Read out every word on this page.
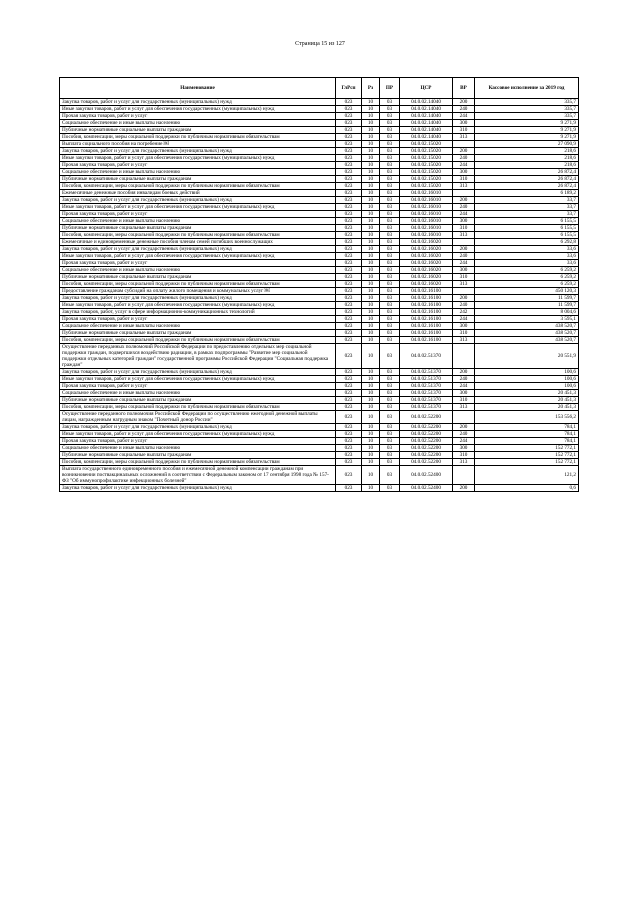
Страница 15 из 127
Наименование	ГлРсп	Рз	ПР	ЦСР	ВР	Кассовое исполнение за 2019 год
Закупка товаров, работ и услуг для государственных (муниципальных) нужд	023	10	03	04.0.02.14040	200	335,7
Иные закупки товаров, работ и услуг для обеспечения государственных (муниципальных) нужд	023	10	03	04.0.02.14040	240	335,7
Прочая закупка товаров, работ и услуг	023	10	03	04.0.02.14040	244	335,7
Социальное обеспечение и иные выплаты населению	023	10	03	04.0.02.14040	300	9 271,9
Публичные нормативные социальные выплаты гражданам	023	10	03	04.0.02.14040	310	9 271,9
Пособия, компенсации, меры социальной поддержки по публичным нормативным обязательствам	023	10	03	04.0.02.14040	313	9 271,9
Выплата социального пособия на погребение ￼	023	10	03	04.0.02.15020		27 090,9
Закупка товаров, работ и услуг для государственных (муниципальных) нужд	023	10	03	04.0.02.15020	200	218,6
Иные закупки товаров, работ и услуг для обеспечения государственных (муниципальных) нужд	023	10	03	04.0.02.15020	240	218,6
Прочая закупка товаров, работ и услуг	023	10	03	04.0.02.15020	244	218,6
Социальное обеспечение и иные выплаты населению	023	10	03	04.0.02.15020	300	26 872,4
Публичные нормативные социальные выплаты гражданам	023	10	03	04.0.02.15020	310	26 872,4
Пособия, компенсации, меры социальной поддержки по публичным нормативным обязательствам	023	10	03	04.0.02.15020	313	26 872,4
Ежемесячные денежные пособия инвалидам боевых действий	023	10	03	04.0.02.16010		6 189,2
Закупка товаров, работ и услуг для государственных (муниципальных) нужд	023	10	03	04.0.02.16010	200	33,7
Иные закупки товаров, работ и услуг для обеспечения государственных (муниципальных) нужд	023	10	03	04.0.02.16010	240	33,7
Прочая закупка товаров, работ и услуг	023	10	03	04.0.02.16010	244	33,7
Социальное обеспечение и иные выплаты населению	023	10	03	04.0.02.16010	300	6 155,5
Публичные нормативные социальные выплаты гражданам	023	10	03	04.0.02.16010	310	6 155,5
Пособия, компенсации, меры социальной поддержки по публичным нормативным обязательствам	023	10	03	04.0.02.16010	313	6 155,5
Ежемесячные и единовременные денежные пособия членам семей погибших военнослужащих	023	10	03	04.0.02.16020		6 292,8
Закупка товаров, работ и услуг для государственных (муниципальных) нужд	023	10	03	04.0.02.16020	200	33,6
Иные закупки товаров, работ и услуг для обеспечения государственных (муниципальных) нужд	023	10	03	04.0.02.16020	240	33,6
Прочая закупка товаров, работ и услуг	023	10	03	04.0.02.16020	244	33,6
Социальное обеспечение и иные выплаты населению	023	10	03	04.0.02.16020	300	6 259,2
Публичные нормативные социальные выплаты гражданам	023	10	03	04.0.02.16020	310	6 259,2
Пособия, компенсации, меры социальной поддержки по публичным нормативным обязательствам	023	10	03	04.0.02.16020	313	6 259,2
Предоставление гражданам субсидий на оплату жилого помещения и коммунальных услуг ￼	023	10	03	04.0.02.16100		450 120,3
Закупка товаров, работ и услуг для государственных (муниципальных) нужд	023	10	03	04.0.02.16100	200	11 599,7
Иные закупки товаров, работ и услуг для обеспечения государственных (муниципальных) нужд	023	10	03	04.0.02.16100	240	11 599,7
Закупка товаров, работ, услуг в сфере информационно-коммуникационных технологий	023	10	03	04.0.02.16100	242	8 004,6
Прочая закупка товаров, работ и услуг	023	10	03	04.0.02.16100	244	3 595,1
Социальное обеспечение и иные выплаты населению	023	10	03	04.0.02.16100	300	438 520,7
Публичные нормативные социальные выплаты гражданам	023	10	03	04.0.02.16100	310	438 520,7
Пособия, компенсации, меры социальной поддержки по публичным нормативным обязательствам	023	10	03	04.0.02.16100	313	438 520,7
Осуществление переданных полномочий Российской Федерации по предоставлению отдельных мер социальной поддержки граждан, подвергшихся воздействию радиации, в рамках подпрограммы "Развитие мер социальной поддержки отдельных категорий граждан" государственной программы Российской Федерации "Социальная поддержка граждан"	023	10	03	04.0.02.51370		20 551,9
Закупка товаров, работ и услуг для государственных (муниципальных) нужд	023	10	03	04.0.02.51370	200	100,6
Иные закупки товаров, работ и услуг для обеспечения государственных (муниципальных) нужд	023	10	03	04.0.02.51370	240	100,6
Прочая закупка товаров, работ и услуг	023	10	03	04.0.02.51370	244	100,6
Социальное обеспечение и иные выплаты населению	023	10	03	04.0.02.51370	300	20 451,3
Публичные нормативные социальные выплаты гражданам	023	10	03	04.0.02.51370	310	20 451,3
Пособия, компенсации, меры социальной поддержки по публичным нормативным обязательствам	023	10	03	04.0.02.51370	313	20 451,3
Осуществление переданного полномочия Российской Федерации по осуществлению ежегодной денежной выплаты лицам, награжденным нагрудным знаком "Почетный донор России"	023	10	03	04.0.02.52200		153 556,2
Закупка товаров, работ и услуг для государственных (муниципальных) нужд	023	10	03	04.0.02.52200	200	784,1
Иные закупки товаров, работ и услуг для обеспечения государственных (муниципальных) нужд	023	10	03	04.0.02.52200	240	784,1
Прочая закупка товаров, работ и услуг	023	10	03	04.0.02.52200	244	784,1
Социальное обеспечение и иные выплаты населению	023	10	03	04.0.02.52200	300	152 772,1
Публичные нормативные социальные выплаты гражданам	023	10	03	04.0.02.52200	310	152 772,1
Пособия, компенсации, меры социальной поддержки по публичным нормативным обязательствам	023	10	03	04.0.02.52200	313	152 772,1
Выплата государственного единовременного пособия и ежемесячной денежной компенсации гражданам при возникновении поствакцинальных осложнений в соответствии с Федеральным законом от 17 сентября 1998 года № 157-ФЗ "Об иммунопрофилактике инфекционных болезней"	023	10	03	04.0.02.52400		121,2
Закупка товаров, работ и услуг для государственных (муниципальных) нужд	023	10	03	04.0.02.52400	200	0,6
